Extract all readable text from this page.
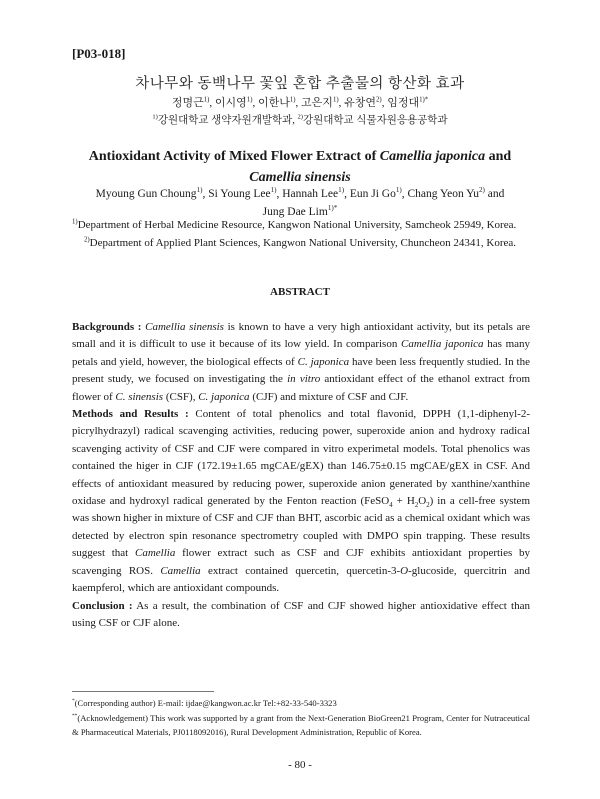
[P03-018]
차나무와 동백나무 꽃잎 혼합 추출물의 항산화 효과
정명근$^{1)}$, 이시영$^{1)}$, 이한나$^{1)}$, 고은지$^{1)}$, 유창연$^{2)}$, 임정대$^{1)*}$
$^{1)}$강원대학교 생약자원개발학과, $^{2)}$강원대학교 식물자원응용공학과
Antioxidant Activity of Mixed Flower Extract of Camellia japonica and
Camellia sinensis
Myoung Gun Choung$^{1)}$, Si Young Lee$^{1)}$, Hannah Lee$^{1)}$, Eun Ji Go$^{1)}$, Chang Yeon Yu$^{2)}$ and
Jung Dae Lim$^{1)*}$
$^{1)}$Department of Herbal Medicine Resource, Kangwon National University, Samcheok 25949, Korea.
$^{2)}$Department of Applied Plant Sciences, Kangwon National University, Chuncheon 24341, Korea.
ABSTRACT

Backgrounds : Camellia sinensis is known to have a very high antioxidant activity, but its petals are small and it is difficult to use it because of its low yield. In comparison Camellia japonica has many petals and yield, however, the biological effects of C. japonica have been less frequently studied. In the present study, we focused on investigating the in vitro antioxidant effect of the ethanol extract from flower of C. sinensis (CSF), C. japonica (CJF) and mixture of CSF and CJF.

Methods and Results : Content of total phenolics and total flavonid, DPPH (1,1-diphenyl-2-picrylhydrazyl) radical scavenging activities, reducing power, superoxide anion and hydroxy radical scavenging activity of CSF and CJF were compared in vitro experimetal models. Total phenolics was contained the higer in CJF (172.19±1.65 mgCAE/gEX) than 146.75±0.15 mgCAE/gEX in CSF. And effects of antioxidant measured by reducing power, superoxide anion generated by xanthine/xanthine oxidase and hydroxyl radical generated by the Fenton reaction (FeSO$_4$ + $H_2O_2$) in a cell-free system was shown higher in mixture of CSF and CJF than BHT, ascorbic acid as a chemical oxidant which was detected by electron spin resonance spectrometry coupled with DMPO spin trapping. These results suggest that Camellia flower extract such as CSF and CJF exhibits antioxidant properties by scavenging ROS. Camellia extract contained quercetin, quercetin-3-O-glucoside, quercitrin and kaempferol, which are antioxidant compounds.

Conclusion : As a result, the combination of CSF and CJF showed higher antioxidative effect than using CSF or CJF alone.

*(Corresponding author) E-mail: ijdae@kangwon.ac.kr Tel:+82-33-540-3323
**(Acknowledgement) This work was supported by a grant from the Next-Generation BioGreen21 Program, Center for Nutraceutical & Pharmaceutical Materials, PJ0118092016), Rural Development Administration, Republic of Korea.
- 80 -
